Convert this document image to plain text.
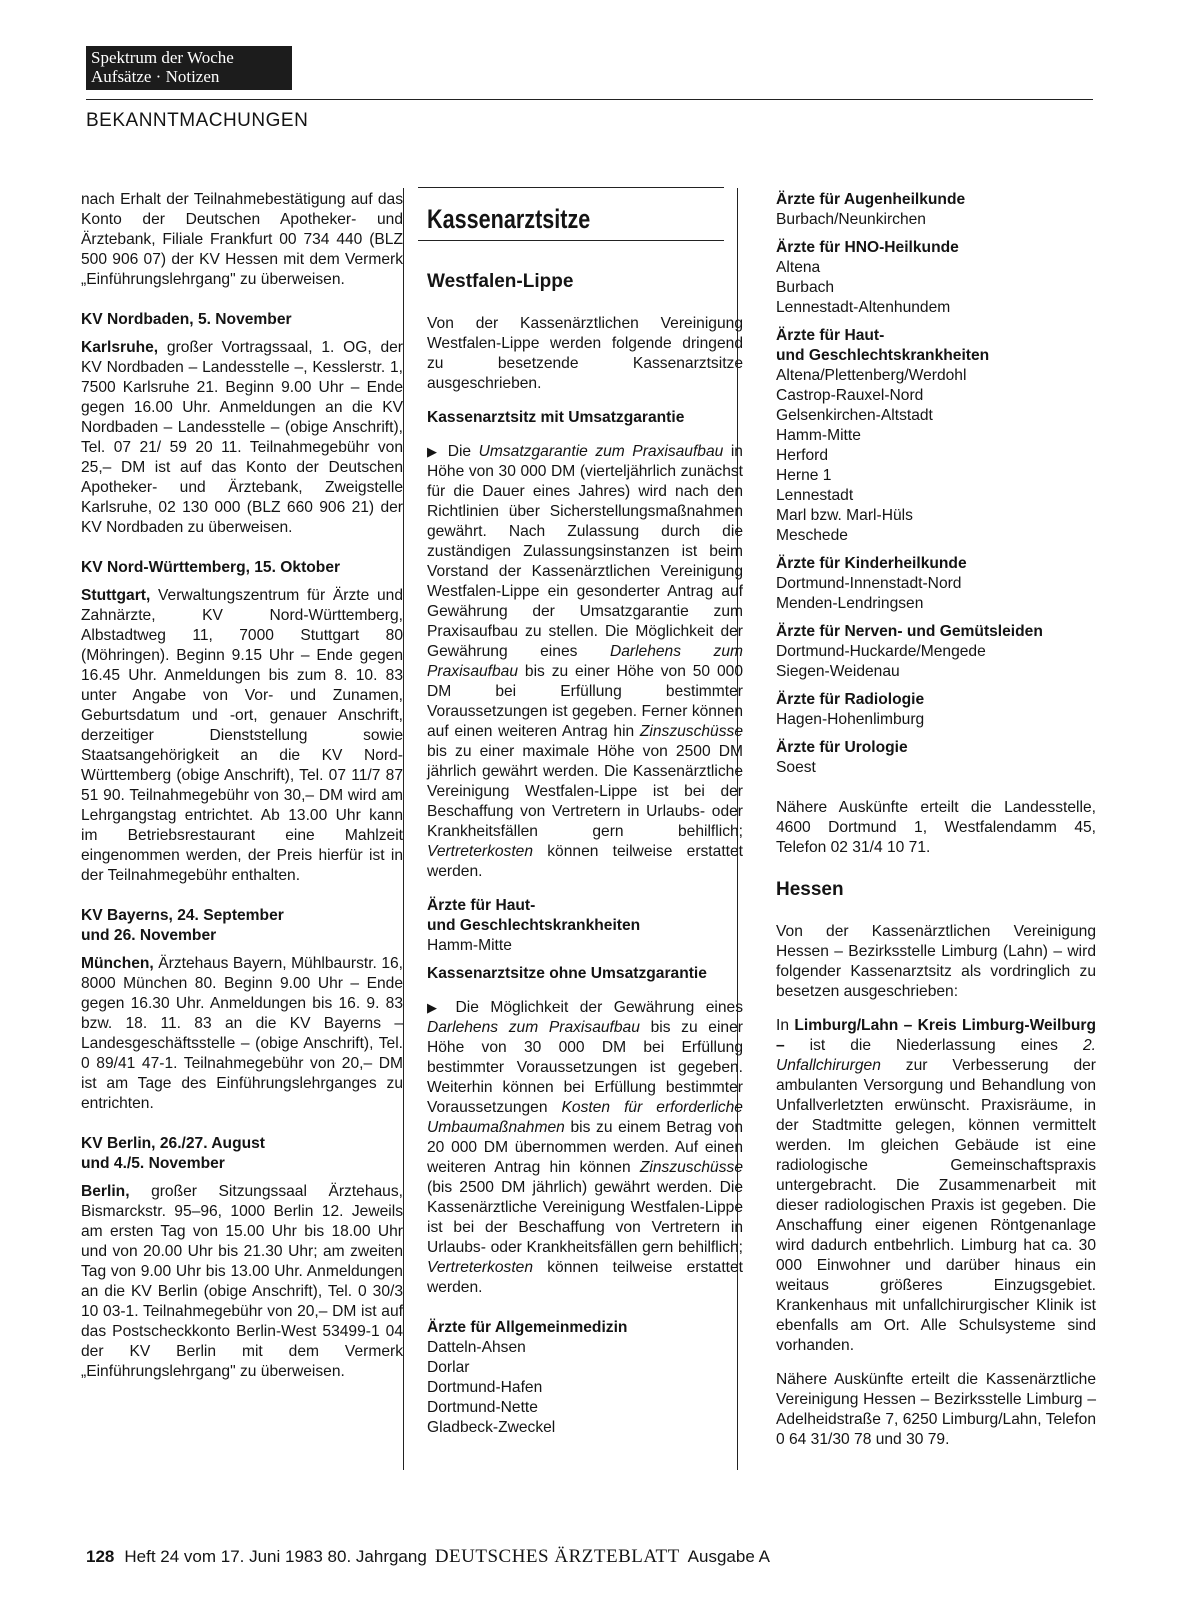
Spektrum der Woche
Aufsätze · Notizen
BEKANNTMACHUNGEN

nach Erhalt der Teilnahmebestätigung auf das Konto der Deutschen Apotheker- und Ärztebank, Filiale Frankfurt 00 734 440 (BLZ 500 906 07) der KV Hessen mit dem Vermerk „Einführungslehrgang" zu überweisen.

KV Nordbaden, 5. November

Karlsruhe, großer Vortragssaal, 1. OG, der KV Nordbaden – Landesstelle –, Kesslerstr. 1, 7500 Karlsruhe 21. Beginn 9.00 Uhr – Ende gegen 16.00 Uhr. Anmeldungen an die KV Nordbaden – Landesstelle – (obige Anschrift), Tel. 07 21/ 59 20 11. Teilnahmegebühr von 25,– DM ist auf das Konto der Deutschen Apotheker- und Ärztebank, Zweigstelle Karlsruhe, 02 130 000 (BLZ 660 906 21) der KV Nordbaden zu überweisen.

KV Nord-Württemberg, 15. Oktober

Stuttgart, Verwaltungszentrum für Ärzte und Zahnärzte, KV Nord-Württemberg, Albstadtweg 11, 7000 Stuttgart 80 (Möhringen). Beginn 9.15 Uhr – Ende gegen 16.45 Uhr. Anmeldungen bis zum 8. 10. 83 unter Angabe von Vor- und Zunamen, Geburtsdatum und -ort, genauer Anschrift, derzeitiger Dienststellung sowie Staatsangehörigkeit an die KV Nord-Württemberg (obige Anschrift), Tel. 07 11/7 87 51 90. Teilnahmegebühr von 30,– DM wird am Lehrgangstag entrichtet. Ab 13.00 Uhr kann im Betriebsrestaurant eine Mahlzeit eingenommen werden, der Preis hierfür ist in der Teilnahmegebühr enthalten.

KV Bayerns, 24. September
und 26. November

München, Ärztehaus Bayern, Mühlbaurstr. 16, 8000 München 80. Beginn 9.00 Uhr – Ende gegen 16.30 Uhr. Anmeldungen bis 16. 9. 83 bzw. 18. 11. 83 an die KV Bayerns – Landesgeschäftsstelle – (obige Anschrift), Tel. 0 89/41 47-1. Teilnahmegebühr von 20,– DM ist am Tage des Einführungslehrganges zu entrichten.

KV Berlin, 26./27. August
und 4./5. November

Berlin, großer Sitzungssaal Ärztehaus, Bismarckstr. 95–96, 1000 Berlin 12. Jeweils am ersten Tag von 15.00 Uhr bis 18.00 Uhr und von 20.00 Uhr bis 21.30 Uhr; am zweiten Tag von 9.00 Uhr bis 13.00 Uhr. Anmeldungen an die KV Berlin (obige Anschrift), Tel. 0 30/3 10 03-1. Teilnahmegebühr von 20,– DM ist auf das Postscheckkonto Berlin-West 53499-1 04 der KV Berlin mit dem Vermerk „Einführungslehrgang" zu überweisen.

Kassenarztsitze

Westfalen-Lippe

Von der Kassenärztlichen Vereinigung Westfalen-Lippe werden folgende dringend zu besetzende Kassenarztsitze ausgeschrieben.

Kassenarztsitz mit Umsatzgarantie

▶ Die Umsatzgarantie zum Praxisaufbau in Höhe von 30 000 DM (vierteljährlich zunächst für die Dauer eines Jahres) wird nach den Richtlinien über Sicherstellungsmaßnahmen gewährt. Nach Zulassung durch die zuständigen Zulassungsinstanzen ist beim Vorstand der Kassenärztlichen Vereinigung Westfalen-Lippe ein gesonderter Antrag auf Gewährung der Umsatzgarantie zum Praxisaufbau zu stellen. Die Möglichkeit der Gewährung eines Darlehens zum Praxisaufbau bis zu einer Höhe von 50 000 DM bei Erfüllung bestimmter Voraussetzungen ist gegeben. Ferner können auf einen weiteren Antrag hin Zinszuschüsse bis zu einer maximale Höhe von 2500 DM jährlich gewährt werden. Die Kassenärztliche Vereinigung Westfalen-Lippe ist bei der Beschaffung von Vertretern in Urlaubs- oder Krankheitsfällen gern behilflich; Vertreterkosten können teilweise erstattet werden.

Ärzte für Haut-
und Geschlechtskrankheiten

Hamm-Mitte

Kassenarztsitze ohne Umsatzgarantie

▶ Die Möglichkeit der Gewährung eines Darlehens zum Praxisaufbau bis zu einer Höhe von 30 000 DM bei Erfüllung bestimmter Voraussetzungen ist gegeben. Weiterhin können bei Erfüllung bestimmter Voraussetzungen Kosten für erforderliche Umbaumaßnahmen bis zu einem Betrag von 20 000 DM übernommen werden. Auf einen weiteren Antrag hin können Zinszuschüsse (bis 2500 DM jährlich) gewährt werden. Die Kassenärztliche Vereinigung Westfalen-Lippe ist bei der Beschaffung von Vertretern in Urlaubs- oder Krankheitsfällen gern behilflich; Vertreterkosten können teilweise erstattet werden.

Ärzte für Allgemeinmedizin

Datteln-Ahsen
Dorlar
Dortmund-Hafen
Dortmund-Nette
Gladbeck-Zweckel

Ärzte für Augenheilkunde

Burbach/Neunkirchen

Ärzte für HNO-Heilkunde

Altena
Burbach
Lennestadt-Altenhundem

Ärzte für Haut-
und Geschlechtskrankheiten

Altena/Plettenberg/Werdohl
Castrop-Rauxel-Nord
Gelsenkirchen-Altstadt
Hamm-Mitte
Herford
Herne 1
Lennestadt
Marl bzw. Marl-Hüls
Meschede

Ärzte für Kinderheilkunde

Dortmund-Innenstadt-Nord
Menden-Lendringsen

Ärzte für Nerven- und Gemütsleiden

Dortmund-Huckarde/Mengede
Siegen-Weidenau

Ärzte für Radiologie

Hagen-Hohenlimburg

Ärzte für Urologie

Soest

Nähere Auskünfte erteilt die Landesstelle, 4600 Dortmund 1, Westfalendamm 45, Telefon 02 31/4 10 71.

Hessen

Von der Kassenärztlichen Vereinigung Hessen – Bezirksstelle Limburg (Lahn) – wird folgender Kassenarztsitz als vordringlich zu besetzen ausgeschrieben:

In Limburg/Lahn – Kreis Limburg-Weilburg – ist die Niederlassung eines 2. Unfallchirurgen zur Verbesserung der ambulanten Versorgung und Behandlung von Unfallverletzten erwünscht. Praxisräume, in der Stadtmitte gelegen, können vermittelt werden. Im gleichen Gebäude ist eine radiologische Gemeinschaftspraxis untergebracht. Die Zusammenarbeit mit dieser radiologischen Praxis ist gegeben. Die Anschaffung einer eigenen Röntgenanlage wird dadurch entbehrlich. Limburg hat ca. 30 000 Einwohner und darüber hinaus ein weitaus größeres Einzugsgebiet. Krankenhaus mit unfallchirurgischer Klinik ist ebenfalls am Ort. Alle Schulsysteme sind vorhanden.

Nähere Auskünfte erteilt die Kassenärztliche Vereinigung Hessen – Bezirksstelle Limburg – Adelheidstraße 7, 6250 Limburg/Lahn, Telefon 0 64 31/30 78 und 30 79.

128 Heft 24 vom 17. Juni 1983 80. Jahrgang DEUTSCHES ÄRZTEBLATT Ausgabe A
